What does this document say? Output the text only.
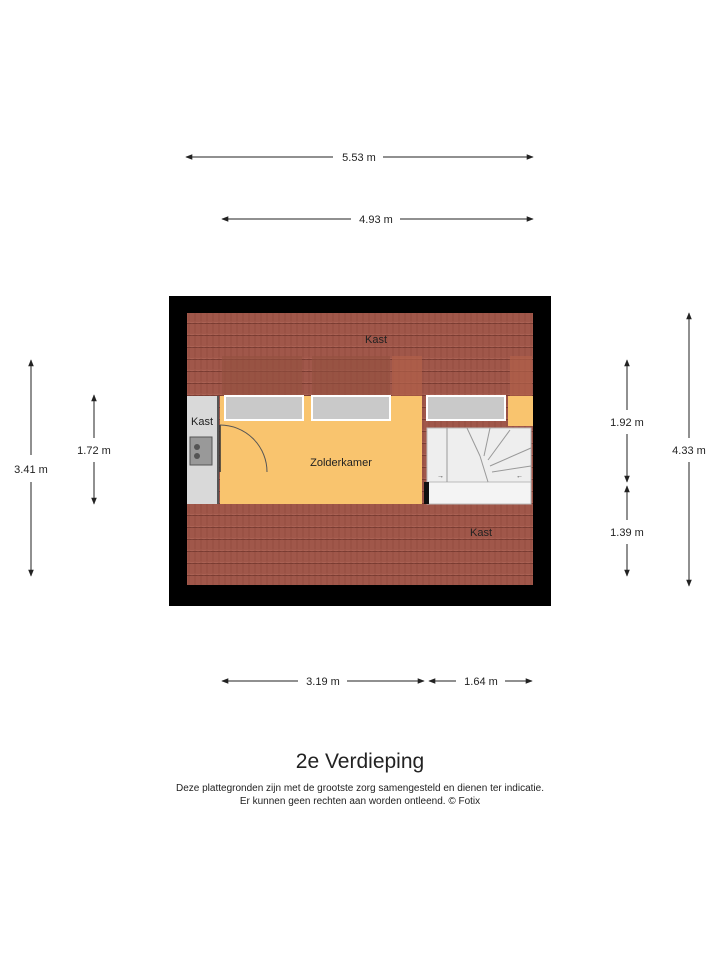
→	←
Kast
Kast
Zolderkamer
Kast
5.53 m
4.93 m
3.19 m	1.64 m
3.41 m
1.72 m
1.92 m
1.39 m
4.33 m
2e Verdieping
Deze plattegronden zijn met de grootste zorg samengesteld en dienen ter indicatie.
Er kunnen geen rechten aan worden ontleend. © Fotix
